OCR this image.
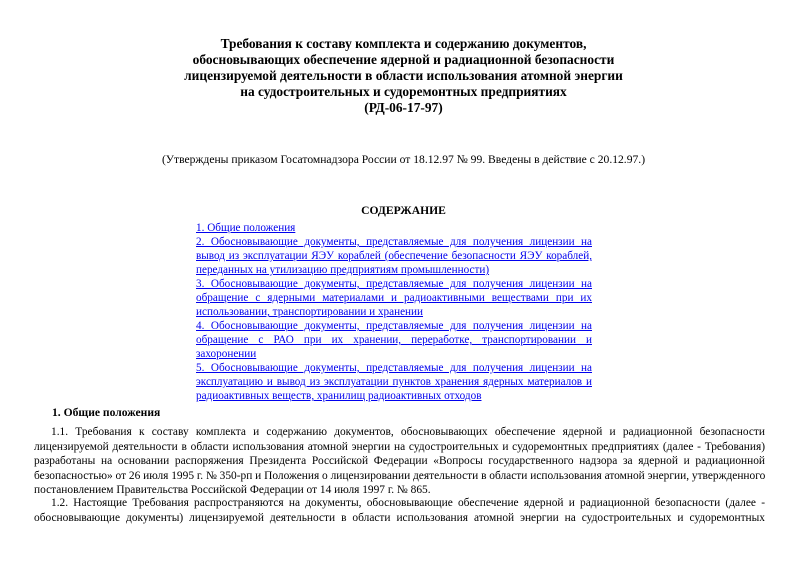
Требования к составу комплекта и содержанию документов,
обосновывающих обеспечение ядерной и радиационной безопасности
лицензируемой деятельности в области использования атомной энергии
на судостроительных и судоремонтных предприятиях
(РД-06-17-97)
(Утверждены приказом Госатомнадзора России от 18.12.97 № 99. Введены в действие с 20.12.97.)
СОДЕРЖАНИЕ
1. Общие положения
2. Обосновывающие документы, представляемые для получения лицензии на
вывод из эксплуатации ЯЭУ кораблей (обеспечение безопасности ЯЭУ кораблей,
переданных на утилизацию предприятиям промышленности)
3. Обосновывающие документы, представляемые для получения лицензии на
обращение с ядерными материалами и радиоактивными веществами при их
использовании, транспортировании и хранении
4. Обосновывающие документы, представляемые для получения лицензии на
обращение с РАО при их хранении, переработке, транспортировании и
захоронении
5. Обосновывающие документы, представляемые для получения лицензии на
эксплуатацию и вывод из эксплуатации пунктов хранения ядерных материалов и
радиоактивных веществ, хранилищ радиоактивных отходов
1. Общие положения
1.1. Требования к составу комплекта и содержанию документов, обосновывающих обеспечение ядерной и радиационной безопасности
лицензируемой деятельности в области использования атомной энергии на судостроительных и судоремонтных предприятиях (далее - Требования)
разработаны на основании распоряжения Президента Российской Федерации «Вопросы государственного надзора за ядерной и радиационной
безопасностью» от 26 июля 1995 г. № 350-рп и Положения о лицензировании деятельности в области использования атомной энергии, утвержденного
постановлением Правительства Российской Федерации от 14 июля 1997 г. № 865.
1.2. Настоящие Требования распространяются на документы, обосновывающие обеспечение ядерной и радиационной безопасности (далее -
обосновывающие документы) лицензируемой деятельности в области использования атомной энергии на судостроительных и судоремонтных
